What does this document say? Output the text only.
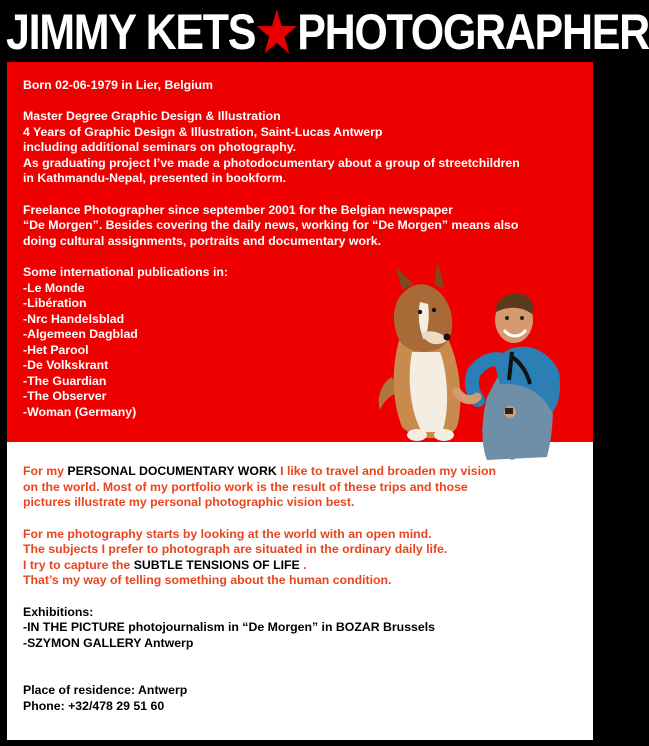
JIMMY KETS ★ PHOTOGRAPHER

Born 02-06-1979 in Lier, Belgium

Master Degree Graphic Design & Illustration

4 Years of Graphic Design & Illustration, Saint-Lucas Antwerp

including additional seminars on photography.

As graduating project I’ve made a photodocumentary about a group of streetchildren

in Kathmandu-Nepal, presented in bookform.

Freelance Photographer since september 2001 for the Belgian newspaper

“De Morgen”. Besides covering the daily news, working for “De Morgen” means also

doing cultural assignments, portraits and documentary work.

Some international publications in:

-Le Monde

-Libération

-Nrc Handelsblad

-Algemeen Dagblad

-Het Parool

-De Volkskrant

-The Guardian

-The Observer

-Woman (Germany)

For my PERSONAL DOCUMENTARY WORK I like to travel and broaden my vision

on the world. Most of my portfolio work is the result of these trips and those

pictures illustrate my personal photographic vision best.

For me photography starts by looking at the world with an open mind.

The subjects I prefer to photograph are situated in the ordinary daily life.

I try to capture the SUBTLE TENSIONS OF LIFE .

That’s my way of telling something about the human condition.

Exhibitions:

-IN THE PICTURE photojournalism in “De Morgen” in BOZAR Brussels

-SZYMON GALLERY Antwerp

Place of residence: Antwerp

Phone: +32/478 29 51 60
